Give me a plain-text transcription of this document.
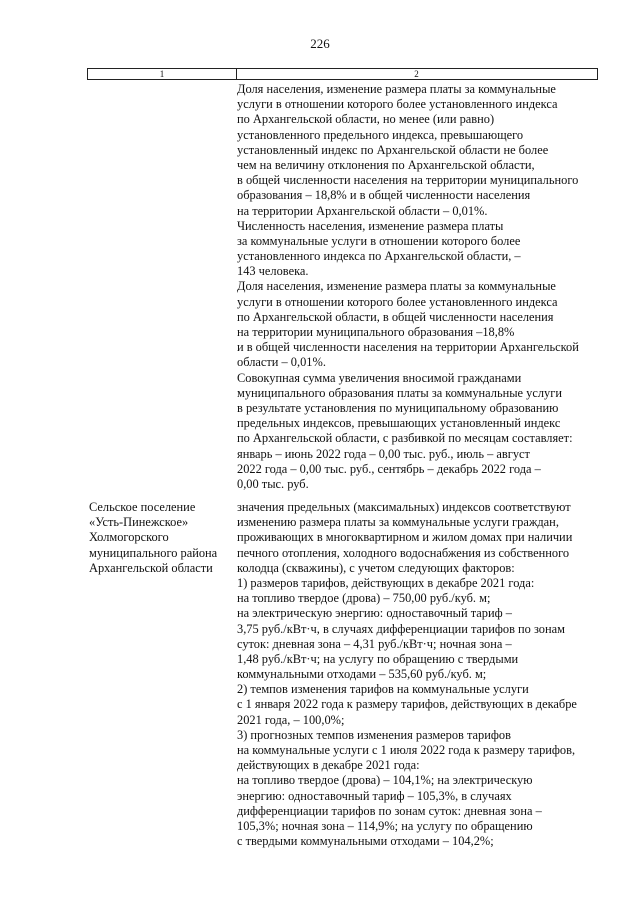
226
1	2
Доля населения, изменение размера платы за коммунальные
услуги в отношении которого более установленного индекса
по Архангельской области, но менее (или равно)
установленного предельного индекса, превышающего
установленный индекс по Архангельской области не более
чем на величину отклонения по Архангельской области,
в общей численности населения на территории муниципального
образования – 18,8% и в общей численности населения
на территории Архангельской области – 0,01%.
Численность населения, изменение размера платы
за коммунальные услуги в отношении которого более
установленного индекса по Архангельской области, –
143 человека.
Доля населения, изменение размера платы за коммунальные
услуги в отношении которого более установленного индекса
по Архангельской области, в общей численности населения
на территории муниципального образования –18,8%
и в общей численности населения на территории Архангельской
области – 0,01%.
Совокупная сумма увеличения вносимой гражданами
муниципального образования платы за коммунальные услуги
в результате установления по муниципальному образованию
предельных индексов, превышающих установленный индекс
по Архангельской области, с разбивкой по месяцам составляет:
январь – июнь 2022 года – 0,00 тыс. руб., июль – август
2022 года – 0,00 тыс. руб., сентябрь – декабрь 2022 года –
0,00 тыс. руб.
Сельское поселение
«Усть-Пинежское»
Холмогорского
муниципального района
Архангельской области
значения предельных (максимальных) индексов соответствуют
изменению размера платы за коммунальные услуги граждан,
проживающих в многоквартирном и жилом домах при наличии
печного отопления, холодного водоснабжения из собственного
колодца (скважины), с учетом следующих факторов:
1) размеров тарифов, действующих в декабре 2021 года:
на топливо твердое (дрова) – 750,00 руб./куб. м;
на электрическую энергию: одноставочный тариф –
3,75 руб./кВт·ч, в случаях дифференциации тарифов по зонам
суток: дневная зона – 4,31 руб./кВт·ч; ночная зона –
1,48 руб./кВт·ч; на услугу по обращению с твердыми
коммунальными отходами – 535,60 руб./куб. м;
2) темпов изменения тарифов на коммунальные услуги
с 1 января 2022 года к размеру тарифов, действующих в декабре
2021 года, – 100,0%;
3) прогнозных темпов изменения размеров тарифов
на коммунальные услуги с 1 июля 2022 года к размеру тарифов,
действующих в декабре 2021 года:
на топливо твердое (дрова) – 104,1%; на электрическую
энергию: одноставочный тариф – 105,3%, в случаях
дифференциации тарифов по зонам суток: дневная зона –
105,3%; ночная зона – 114,9%; на услугу по обращению
с твердыми коммунальными отходами – 104,2%;
